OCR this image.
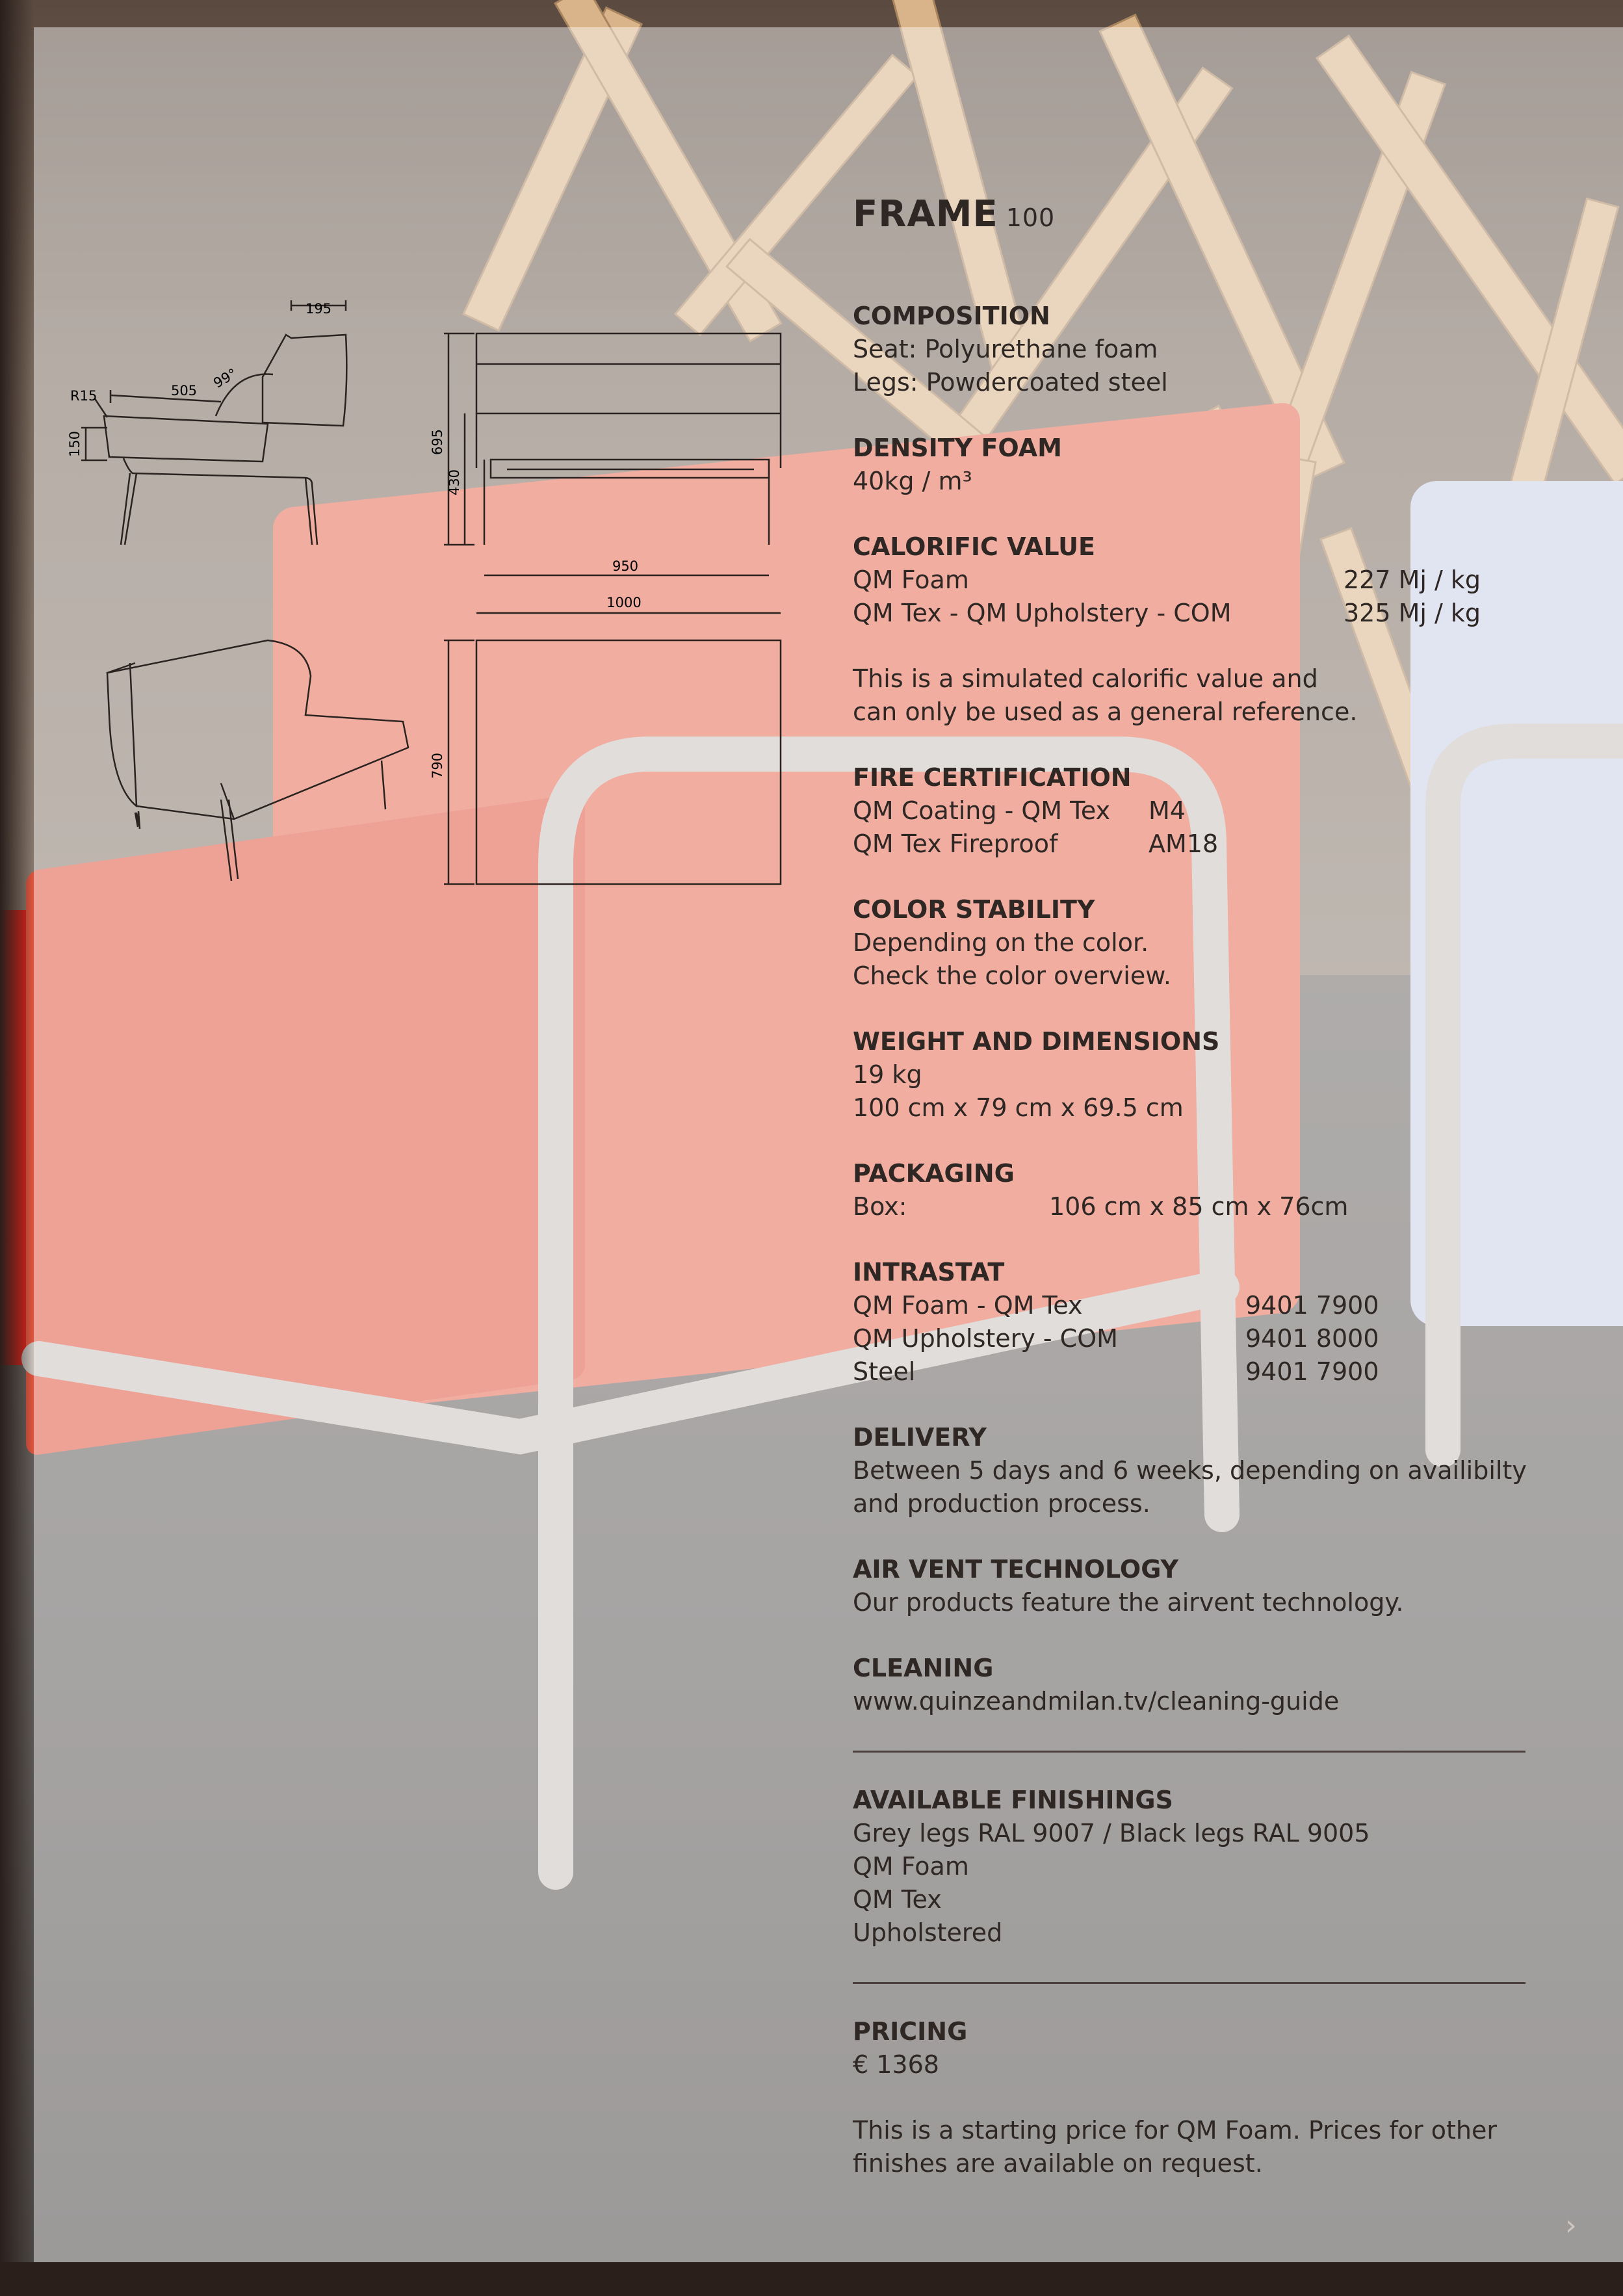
195
505 99°
R15
150	695
430
950
1000
790
FRAME 100
COMPOSITION
Seat: Polyurethane foam
Legs: Powdercoated steel
DENSITY FOAM
40kg / m³
CALORIFIC VALUE
QM Foam	227 Mj / kg
QM Tex - QM Upholstery - COM	325 Mj / kg
This is a simulated calorific value and
can only be used as a general reference.
FIRE CERTIFICATION
QM Coating - QM Tex M4
QM Tex Fireproof	AM18
COLOR STABILITY
Depending on the color.
Check the color overview.
WEIGHT AND DIMENSIONS
19 kg
100 cm x 79 cm x 69.5 cm
PACKAGING
Box:	106 cm x 85 cm x 76cm
INTRASTAT
QM Foam - QM Tex	9401 7900
QM Upholstery - COM	9401 8000
Steel	9401 7900
DELIVERY
Between 5 days and 6 weeks, depending on availibilty
and production process.
AIR VENT TECHNOLOGY
Our products feature the airvent technology.
CLEANING
www.quinzeandmilan.tv/cleaning-guide
AVAILABLE FINISHINGS
Grey legs RAL 9007 / Black legs RAL 9005
QM Foam
QM Tex
Upholstered
PRICING
€ 1368
This is a starting price for QM Foam. Prices for other
finishes are available on request.
›
